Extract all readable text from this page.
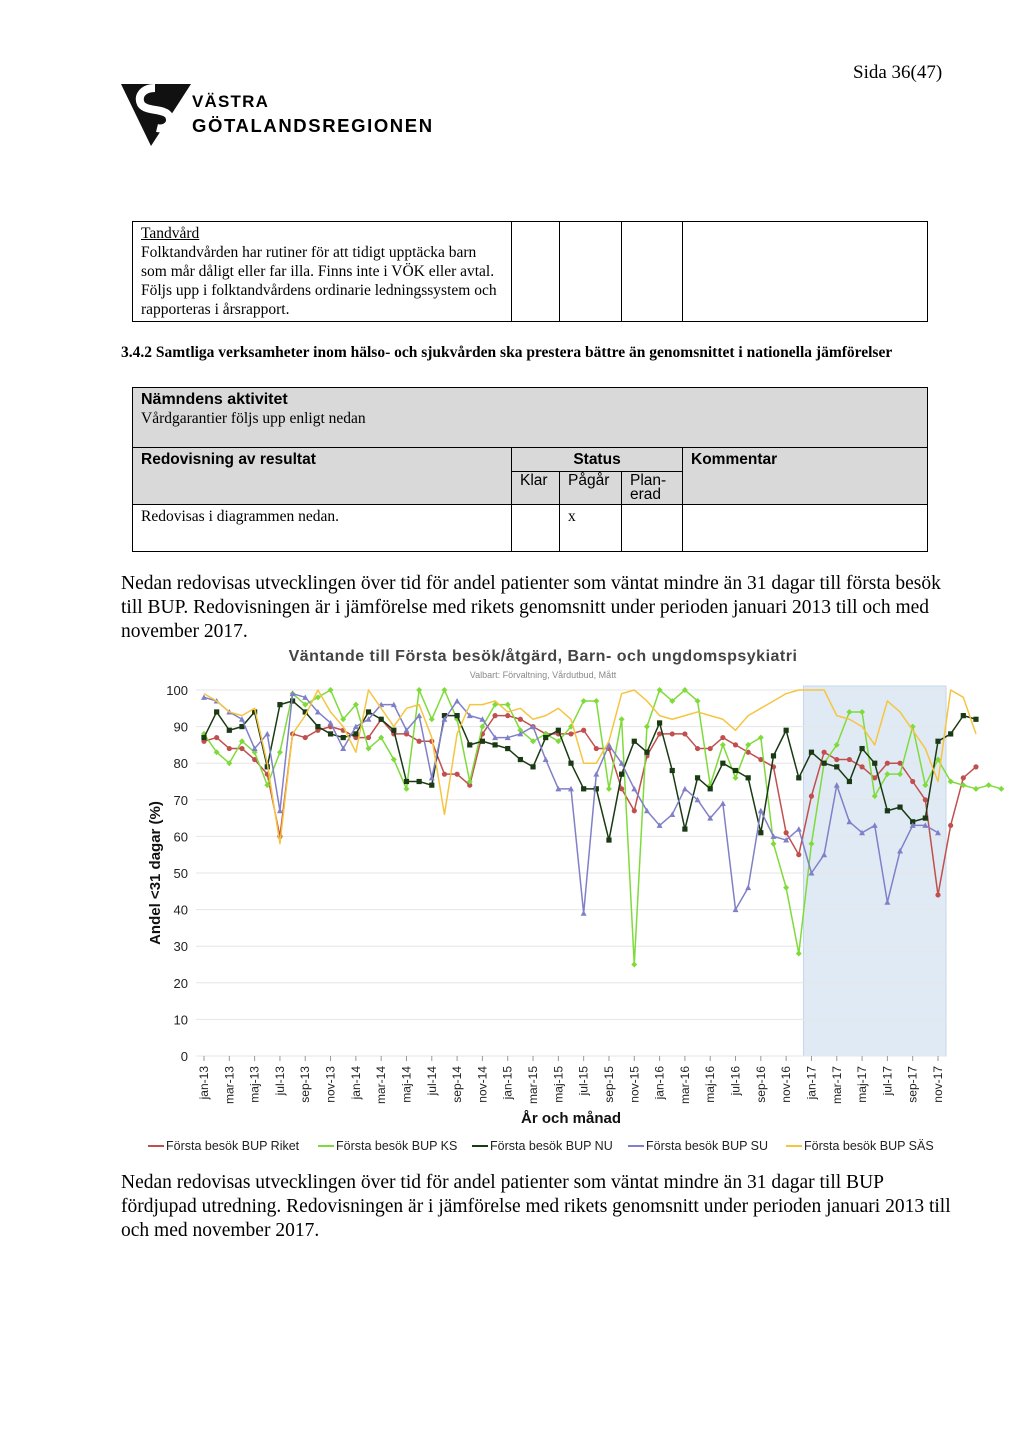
Sida 36(47)
VÄSTRA
GÖTALANDSREGIONEN
Tandvård
Folktandvården har rutiner för att tidigt upptäcka barn som mår dåligt eller far illa. Finns inte i VÖK eller avtal. Följs upp i folktandvårdens ordinarie ledningssystem och rapporteras i årsrapport.

3.4.2 Samtliga verksamheter inom hälso- och sjukvården ska prestera bättre än genomsnittet i nationella jämförelser
Nämndens aktivitet
Vårdgarantier följs upp enligt nedan				

Redovisning av resultat	Status			Kommentar
	Klar	Pågår	Plan-erad	
Redovisas i diagrammen nedan.		x		
Nedan redovisas utvecklingen över tid för andel patienter som väntat mindre än 31 dagar till första besök till BUP. Redovisningen är i jämförelse med rikets genomsnitt under perioden januari 2013 till och med november 2017.
Väntande till Första besök/åtgärd, Barn- och ungdomspsykiatri
Valbart: Förvaltning, Vårdutbud, Mått
0
10
20
30
40
50
60
70
80
90
100
Andel <31 dagar (%)
jan-13 mar-13 maj-13 jul-13 sep-13 nov-13 jan-14 mar-14 maj-14 jul-14 sep-14 nov-14 jan-15 mar-15 maj-15 jul-15 sep-15 nov-15 jan-16 mar-16 maj-16 jul-16 sep-16 nov-16 jan-17 mar-17 maj-17 jul-17 sep-17 nov-17
År och månad
Första besök BUP Riket	Första besök BUP KS	Första besök BUP NU	Första besök BUP SU	Första besök BUP SÄS
Nedan redovisas utvecklingen över tid för andel patienter som väntat mindre än 31 dagar till BUP fördjupad utredning. Redovisningen är i jämförelse med rikets genomsnitt under perioden januari 2013 till och med november 2017.
